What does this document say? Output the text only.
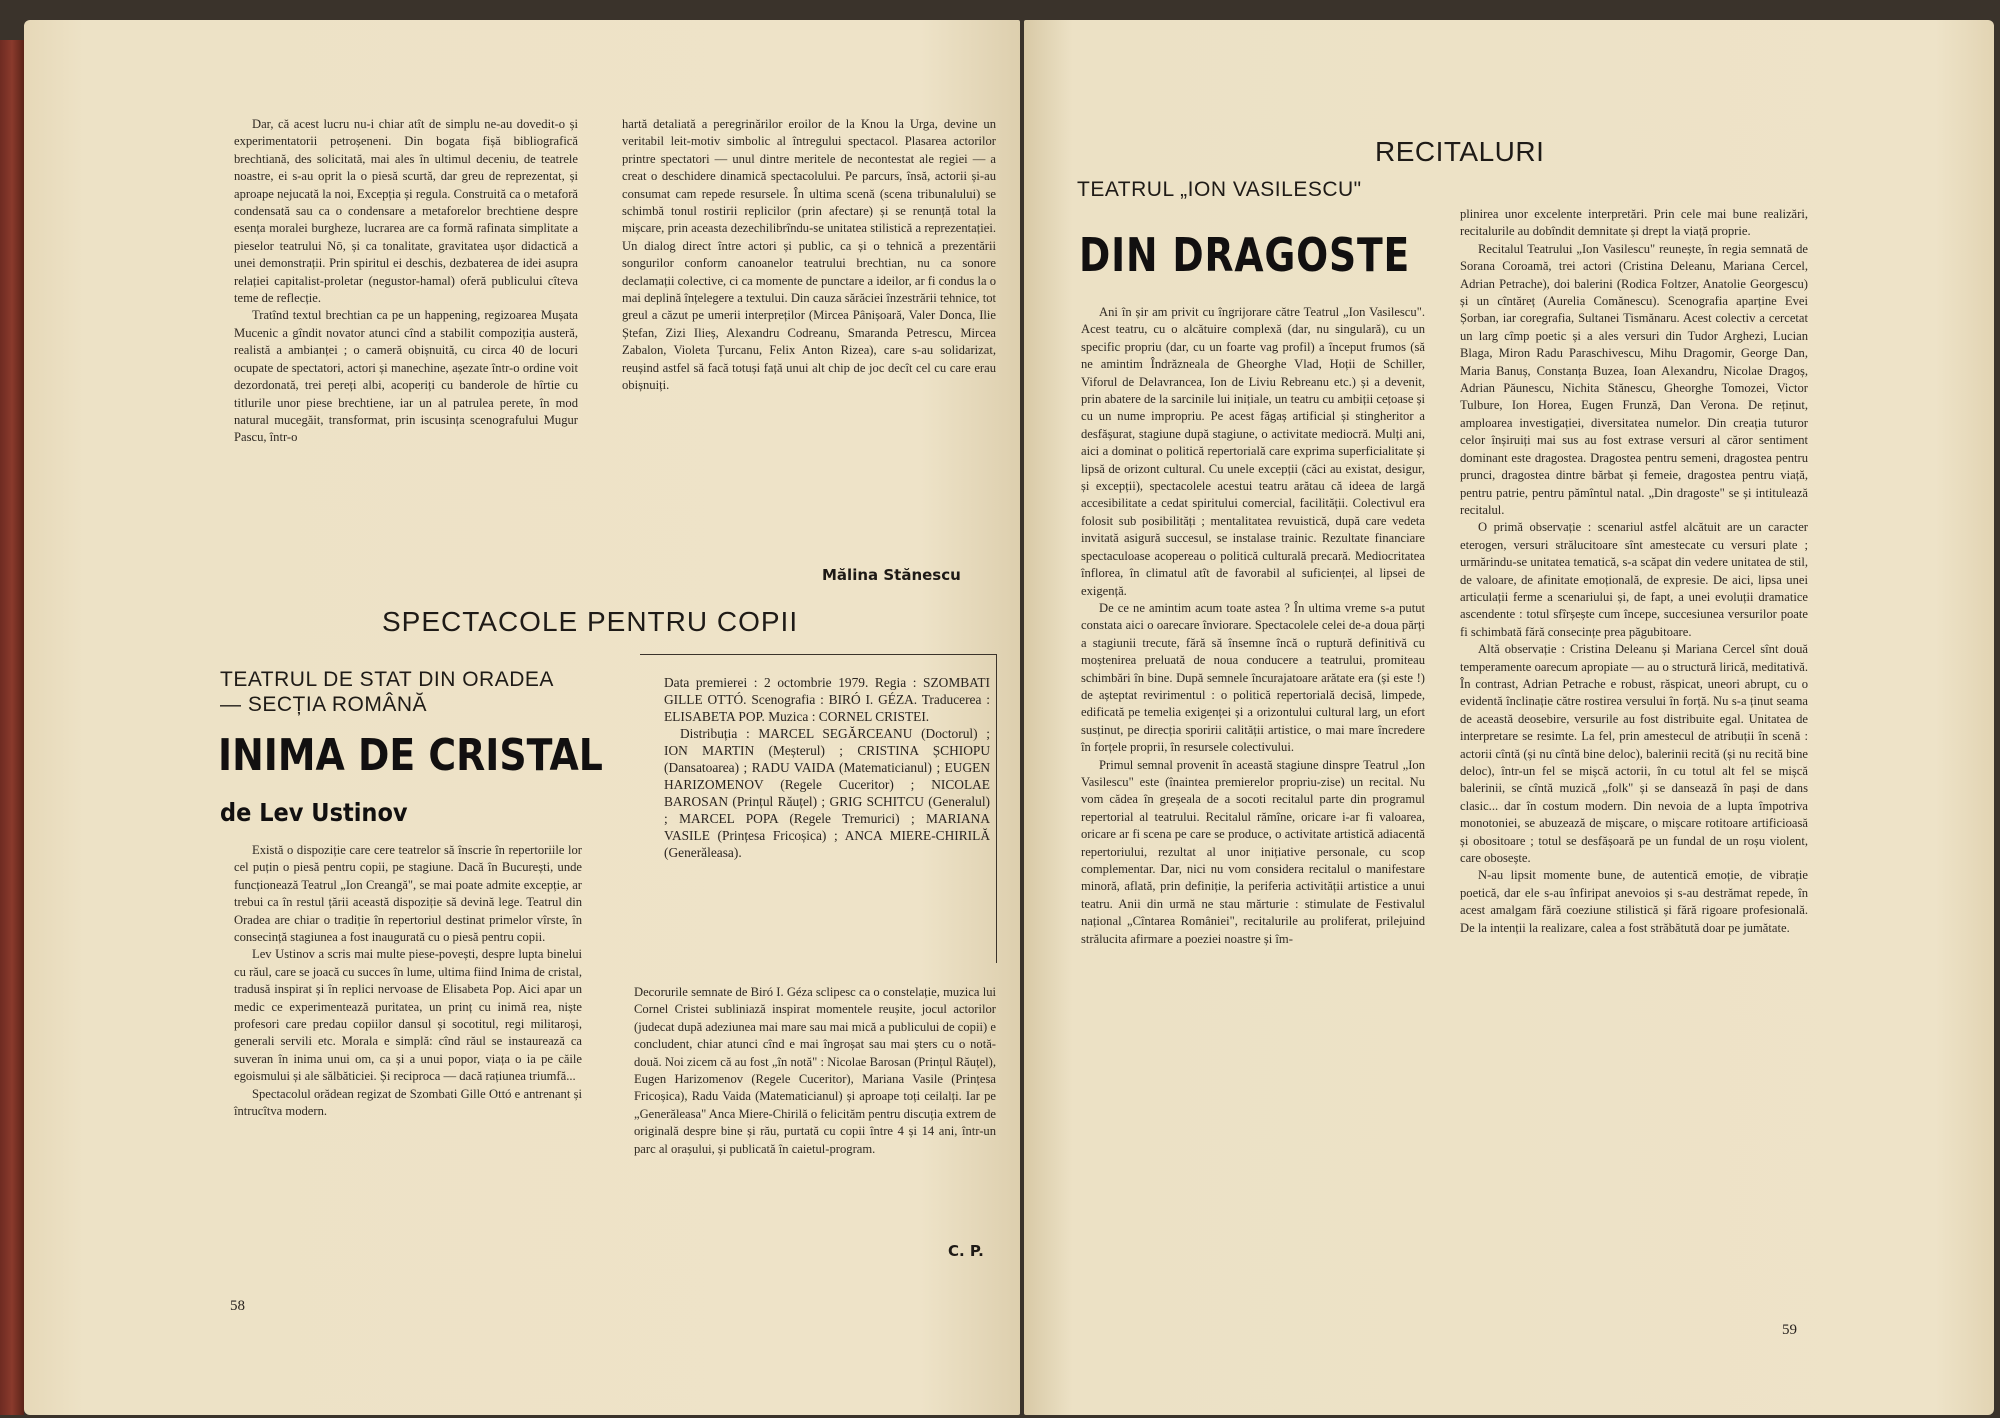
Dar, că acest lucru nu-i chiar atît de simplu ne-au dovedit-o și experimentatorii petroșeneni. Din bogata fișă bibliografică brechtiană, des solicitată, mai ales în ultimul deceniu, de teatrele noastre, ei s-au oprit la o piesă scurtă, dar greu de reprezentat, și aproape nejucată la noi, Excepția și regula. Construită ca o metaforă condensată sau ca o condensare a metaforelor brechtiene despre esența moralei burgheze, lucrarea are ca formă rafinata simplitate a pieselor teatrului Nō, și ca tonalitate, gravitatea ușor didactică a unei demonstrații. Prin spiritul ei deschis, dezbaterea de idei asupra relației capitalist-proletar (negustor-hamal) oferă publicului cîteva teme de reflecție.

Tratînd textul brechtian ca pe un happening, regizoarea Mușata Mucenic a gîndit novator atunci cînd a stabilit compoziția austeră, realistă a ambianței ; o cameră obișnuită, cu circa 40 de locuri ocupate de spectatori, actori și manechine, așezate într-o ordine voit dezordonată, trei pereți albi, acoperiți cu banderole de hîrtie cu titlurile unor piese brechtiene, iar un al patrulea perete, în mod natural mucegăit, transformat, prin iscusința scenografului Mugur Pascu, într-o

hartă detaliată a peregrinărilor eroilor de la Knou la Urga, devine un veritabil leit-motiv simbolic al întregului spectacol. Plasarea actorilor printre spectatori — unul dintre meritele de necontestat ale regiei — a creat o deschidere dinamică spectacolului. Pe parcurs, însă, actorii și-au consumat cam repede resursele. În ultima scenă (scena tribunalului) se schimbă tonul rostirii replicilor (prin afectare) și se renunță total la mișcare, prin aceasta dezechilibrîndu-se unitatea stilistică a reprezentației. Un dialog direct între actori și public, ca și o tehnică a prezentării songurilor conform canoanelor teatrului brechtian, nu ca sonore declamații colective, ci ca momente de punctare a ideilor, ar fi condus la o mai deplină înțelegere a textului. Din cauza sărăciei înzestrării tehnice, tot greul a căzut pe umerii interpreților (Mircea Pânișoară, Valer Donca, Ilie Ștefan, Zizi Ilieș, Alexandru Codreanu, Smaranda Petrescu, Mircea Zabalon, Violeta Țurcanu, Felix Anton Rizea), care s-au solidarizat, reușind astfel să facă totuși față unui alt chip de joc decît cel cu care erau obișnuiți.

Mălina Stănescu
SPECTACOLE PENTRU COPII
TEATRUL DE STAT DIN ORADEA
— SECȚIA ROMÂNĂ
INIMA DE CRISTAL
de Lev Ustinov

Există o dispoziție care cere teatrelor să înscrie în repertoriile lor cel puțin o piesă pentru copii, pe stagiune. Dacă în București, unde funcționează Teatrul „Ion Creangă", se mai poate admite excepție, ar trebui ca în restul țării această dispoziție să devină lege. Teatrul din Oradea are chiar o tradiție în repertoriul destinat primelor vîrste, în consecință stagiunea a fost inaugurată cu o piesă pentru copii.

Lev Ustinov a scris mai multe piese-povești, despre lupta binelui cu răul, care se joacă cu succes în lume, ultima fiind Inima de cristal, tradusă inspirat și în replici nervoase de Elisabeta Pop. Aici apar un medic ce experimentează puritatea, un prinț cu inimă rea, niște profesori care predau copiilor dansul și socotitul, regi militaroși, generali servili etc. Morala e simplă: cînd răul se instaurează ca suveran în inima unui om, ca și a unui popor, viața o ia pe căile egoismului și ale sălbăticiei. Și reciproca — dacă rațiunea triumfă...

Spectacolul orădean regizat de Szombati Gille Ottó e antrenant și întrucîtva modern.

Data premierei : 2 octombrie 1979. Regia : SZOMBATI GILLE OTTÓ. Scenografia : BIRÓ I. GÉZA. Traducerea : ELISABETA POP. Muzica : CORNEL CRISTEI.

Distribuția : MARCEL SEGĂRCEANU (Doctorul) ; ION MARTIN (Meșterul) ; CRISTINA ȘCHIOPU (Dansatoarea) ; RADU VAIDA (Matematicianul) ; EUGEN HARIZOMENOV (Regele Cuceritor) ; NICOLAE BAROSAN (Prințul Răuțel) ; GRIG SCHITCU (Generalul) ; MARCEL POPA (Regele Tremurici) ; MARIANA VASILE (Prințesa Fricoșica) ; ANCA MIERE-CHIRILĂ (Generăleasa).

Decorurile semnate de Biró I. Géza sclipesc ca o constelație, muzica lui Cornel Cristei subliniază inspirat momentele reușite, jocul actorilor (judecat după adeziunea mai mare sau mai mică a publicului de copii) e concludent, chiar atunci cînd e mai îngroșat sau mai șters cu o notă-două. Noi zicem că au fost „în notă" : Nicolae Barosan (Prințul Răuțel), Eugen Harizomenov (Regele Cuceritor), Mariana Vasile (Prințesa Fricoșica), Radu Vaida (Matematicianul) și aproape toți ceilalți. Iar pe „Generăleasa" Anca Miere-Chirilă o felicităm pentru discuția extrem de originală despre bine și rău, purtată cu copii între 4 și 14 ani, într-un parc al orașului, și publicată în caietul-program.

C. P.
58
RECITALURI
TEATRUL „ION VASILESCU"
DIN DRAGOSTE

Ani în șir am privit cu îngrijorare către Teatrul „Ion Vasilescu". Acest teatru, cu o alcătuire complexă (dar, nu singulară), cu un specific propriu (dar, cu un foarte vag profil) a început frumos (să ne amintim Îndrăzneala de Gheorghe Vlad, Hoții de Schiller, Viforul de Delavrancea, Ion de Liviu Rebreanu etc.) și a devenit, prin abatere de la sarcinile lui inițiale, un teatru cu ambiții cețoase și cu un nume impropriu. Pe acest făgaș artificial și stingheritor a desfășurat, stagiune după stagiune, o activitate mediocră. Mulți ani, aici a dominat o politică repertorială care exprima superficialitate și lipsă de orizont cultural. Cu unele excepții (căci au existat, desigur, și excepții), spectacolele acestui teatru arătau că ideea de largă accesibilitate a cedat spiritului comercial, facilității. Colectivul era folosit sub posibilități ; mentalitatea revuistică, după care vedeta invitată asigură succesul, se instalase trainic. Rezultate financiare spectaculoase acopereau o politică culturală precară. Mediocritatea înflorea, în climatul atît de favorabil al suficienței, al lipsei de exigență.

De ce ne amintim acum toate astea ? În ultima vreme s-a putut constata aici o oarecare înviorare. Spectacolele celei de-a doua părți a stagiunii trecute, fără să însemne încă o ruptură definitivă cu moștenirea preluată de noua conducere a teatrului, promiteau schimbări în bine. După semnele încurajatoare arătate era (și este !) de așteptat revirimentul : o politică repertorială decisă, limpede, edificată pe temelia exigenței și a orizontului cultural larg, un efort susținut, pe direcția sporirii calității artistice, o mai mare încredere în forțele proprii, în resursele colectivului.

Primul semnal provenit în această stagiune dinspre Teatrul „Ion Vasilescu" este (înaintea premierelor propriu-zise) un recital. Nu vom cădea în greșeala de a socoti recitalul parte din programul repertorial al teatrului. Recitalul rămîne, oricare i-ar fi valoarea, oricare ar fi scena pe care se produce, o activitate artistică adiacentă repertoriului, rezultat al unor inițiative personale, cu scop complementar. Dar, nici nu vom considera recitalul o manifestare minoră, aflată, prin definiție, la periferia activității artistice a unui teatru. Anii din urmă ne stau mărturie : stimulate de Festivalul național „Cîntarea României", recitalurile au proliferat, prilejuind strălucita afirmare a poeziei noastre și îm-

plinirea unor excelente interpretări. Prin cele mai bune realizări, recitalurile au dobîndit demnitate și drept la viață proprie.

Recitalul Teatrului „Ion Vasilescu" reunește, în regia semnată de Sorana Coroamă, trei actori (Cristina Deleanu, Mariana Cercel, Adrian Petrache), doi balerini (Rodica Foltzer, Anatolie Georgescu) și un cîntăreț (Aurelia Comănescu). Scenografia aparține Evei Șorban, iar coregrafia, Sultanei Tismănaru. Acest colectiv a cercetat un larg cîmp poetic și a ales versuri din Tudor Arghezi, Lucian Blaga, Miron Radu Paraschivescu, Mihu Dragomir, George Dan, Maria Banuș, Constanța Buzea, Ioan Alexandru, Nicolae Dragoș, Adrian Păunescu, Nichita Stănescu, Gheorghe Tomozei, Victor Tulbure, Ion Horea, Eugen Frunză, Dan Verona. De reținut, amploarea investigației, diversitatea numelor. Din creația tuturor celor înșiruiți mai sus au fost extrase versuri al căror sentiment dominant este dragostea. Dragostea pentru semeni, dragostea pentru prunci, dragostea dintre bărbat și femeie, dragostea pentru viață, pentru patrie, pentru pămîntul natal. „Din dragoste" se și intitulează recitalul.

O primă observație : scenariul astfel alcătuit are un caracter eterogen, versuri strălucitoare sînt amestecate cu versuri plate ; urmărindu-se unitatea tematică, s-a scăpat din vedere unitatea de stil, de valoare, de afinitate emoțională, de expresie. De aici, lipsa unei articulații ferme a scenariului și, de fapt, a unei evoluții dramatice ascendente : totul sfîrșește cum începe, succesiunea versurilor poate fi schimbată fără consecințe prea păgubitoare.

Altă observație : Cristina Deleanu și Mariana Cercel sînt două temperamente oarecum apropiate — au o structură lirică, meditativă. În contrast, Adrian Petrache e robust, răspicat, uneori abrupt, cu o evidentă înclinație către rostirea versului în forță. Nu s-a ținut seama de această deosebire, versurile au fost distribuite egal. Unitatea de interpretare se resimte. La fel, prin amestecul de atribuții în scenă : actorii cîntă (și nu cîntă bine deloc), balerinii recită (și nu recită bine deloc), într-un fel se mișcă actorii, în cu totul alt fel se mișcă balerinii, se cîntă muzică „folk" și se dansează în pași de dans clasic... dar în costum modern. Din nevoia de a lupta împotriva monotoniei, se abuzează de mișcare, o mișcare rotitoare artificioasă și obositoare ; totul se desfășoară pe un fundal de un roșu violent, care obosește.

N-au lipsit momente bune, de autentică emoție, de vibrație poetică, dar ele s-au înfiripat anevoios și s-au destrămat repede, în acest amalgam fără coeziune stilistică și fără rigoare profesională. De la intenții la realizare, calea a fost străbătută doar pe jumătate.

59
